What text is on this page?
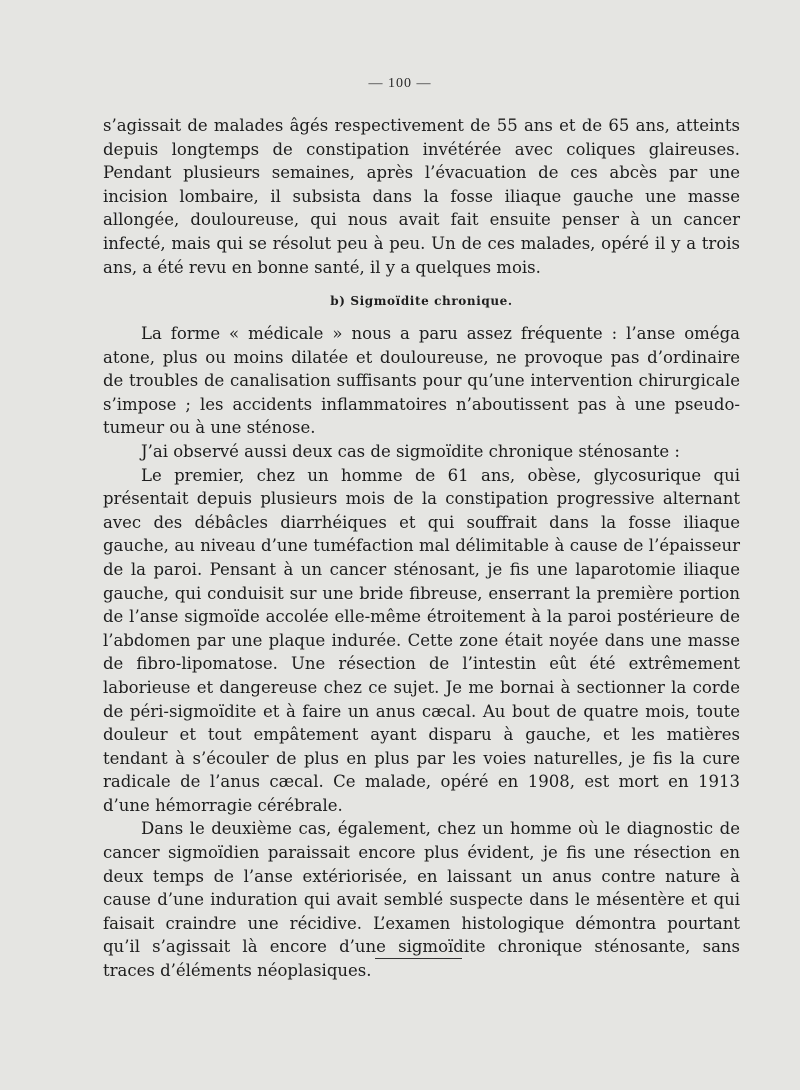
— 100 —

s’agissait de malades âgés respectivement de 55 ans et de 65 ans, atteints depuis longtemps de constipation invétérée avec coliques glaireuses. Pendant plusieurs semaines, après l’évacuation de ces abcès par une incision lombaire, il subsista dans la fosse iliaque gauche une masse allongée, douloureuse, qui nous avait fait ensuite penser à un cancer infecté, mais qui se résolut peu à peu. Un de ces malades, opéré il y a trois ans, a été revu en bonne santé, il y a quelques mois.

b) Sigmoïdite chronique.

La forme « médicale » nous a paru assez fréquente : l’anse oméga atone, plus ou moins dilatée et douloureuse, ne provoque pas d’ordinaire de troubles de canalisation suffisants pour qu’une intervention chirurgicale s’impose ; les accidents inflammatoires n’aboutissent pas à une pseudo-tumeur ou à une sténose.

J’ai observé aussi deux cas de sigmoïdite chronique sténosante :

Le premier, chez un homme de 61 ans, obèse, glycosurique qui présentait depuis plusieurs mois de la constipation progressive alternant avec des débâcles diarrhéiques et qui souffrait dans la fosse iliaque gauche, au niveau d’une tuméfaction mal délimitable à cause de l’épaisseur de la paroi. Pensant à un cancer sténosant, je fis une laparotomie iliaque gauche, qui conduisit sur une bride fibreuse, enserrant la première portion de l’anse sigmoïde accolée elle-même étroitement à la paroi postérieure de l’abdomen par une plaque indurée. Cette zone était noyée dans une masse de fibro-lipomatose. Une résection de l’intestin eût été extrêmement laborieuse et dangereuse chez ce sujet. Je me bornai à sectionner la corde de péri-sigmoïdite et à faire un anus cæcal. Au bout de quatre mois, toute douleur et tout empâtement ayant disparu à gauche, et les matières tendant à s’écouler de plus en plus par les voies naturelles, je fis la cure radicale de l’anus cæcal. Ce malade, opéré en 1908, est mort en 1913 d’une hémorragie cérébrale.

Dans le deuxième cas, également, chez un homme où le diagnostic de cancer sigmoïdien paraissait encore plus évident, je fis une résection en deux temps de l’anse extériorisée, en laissant un anus contre nature à cause d’une induration qui avait semblé suspecte dans le mésentère et qui faisait craindre une récidive. L’examen histologique démontra pourtant qu’il s’agissait là encore d’une sigmoïdite chronique sténosante, sans traces d’éléments néoplasiques.
